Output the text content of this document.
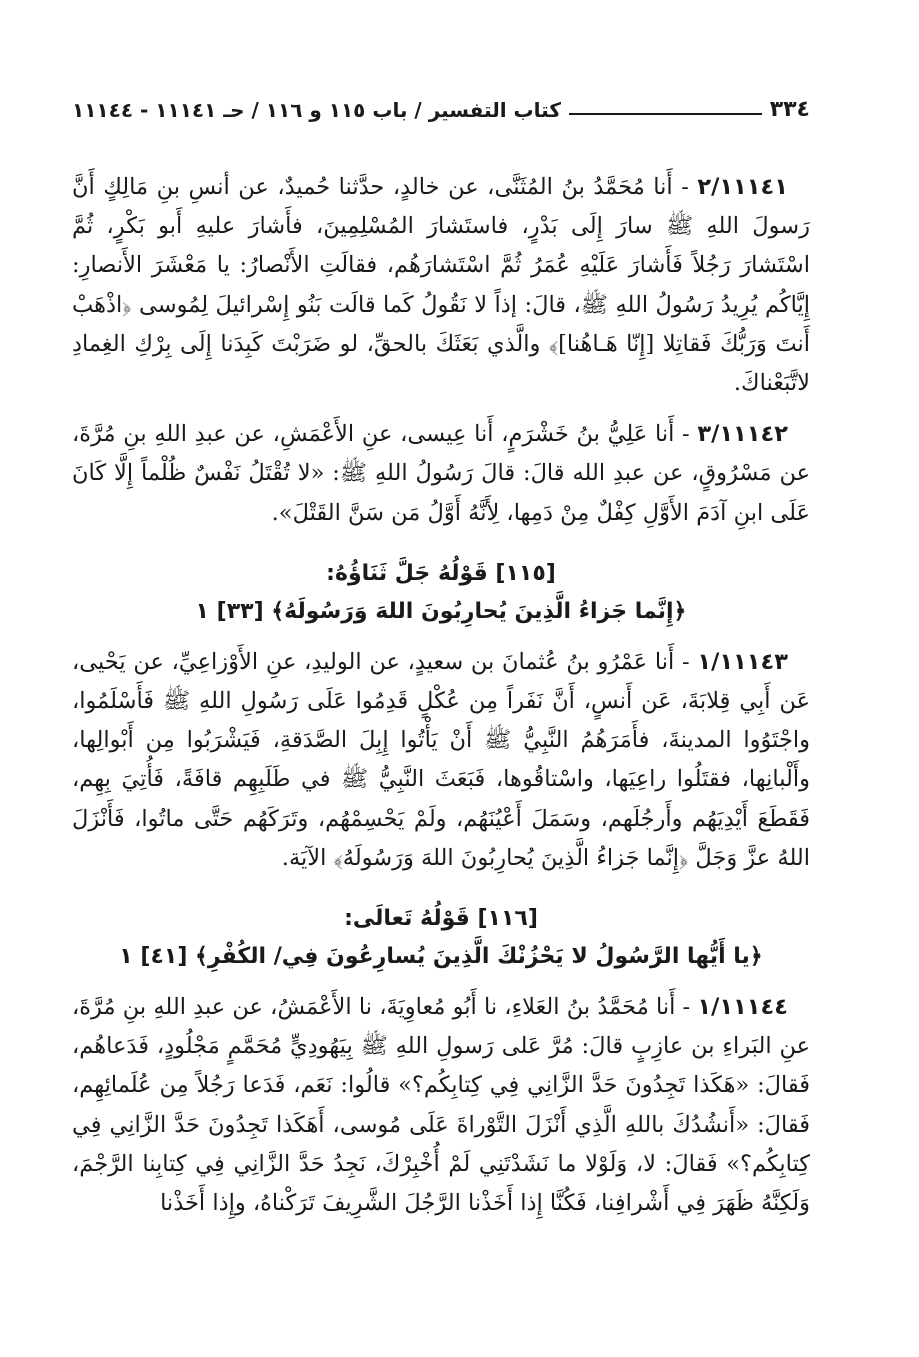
٣٣٤
كتاب التفسير / باب ١١٥ و ١١٦ / حـ ١١١٤١ - ١١١٤٤

٢/١١١٤١ - أَنا مُحَمَّدُ بنُ المُثَنَّى، عن خالدٍ، حدَّثنا حُميدٌ، عن أنسِ بنِ مَالِكٍ أَنَّ رَسولَ اللهِ ﷺ سارَ إِلَى بَدْرٍ، فاستَشارَ المُسْلِمِينَ، فأَشارَ عليهِ أَبو بَكْرٍ، ثُمَّ اسْتَشارَ رَجُلاً فَأَشارَ عَلَيْهِ عُمَرُ ثُمَّ اسْتَشارَهُم، فقالَتِ الأَنْصارُ: يا مَعْشَرَ الأَنصارِ: إِيَّاكُم يُرِيدُ رَسُولُ اللهِ ﷺ، قالَ: إذاً لا نَقُولُ كَما قالَت بَنُو إِسْرائيلَ لِمُوسى ﴿اذْهَبْ أَنتَ وَرَبُّكَ فَقاتِلا [إِنّا هَـاهُنا]﴾ والَّذي بَعَثَكَ بالحقِّ، لو ضَرَبْتَ كَبِدَنا إِلَى بِرْكِ الغِمادِ لاتَّبَعْناكَ.

٣/١١١٤٢ - أَنا عَلِيُّ بنُ خَشْرَمٍ، أَنا عِيسى، عنِ الأَعْمَشِ، عن عبدِ اللهِ بنِ مُرَّةَ، عن مَسْرُوقٍ، عن عبدِ الله قالَ: قالَ رَسُولُ اللهِ ﷺ: «لا تُقْتَلُ نَفْسٌ ظُلْماً إِلَّا كَانَ عَلَى ابنِ آدَمَ الأَوَّلِ كِفْلٌ مِنْ دَمِها، لِأَنَّهُ أَوَّلُ مَن سَنَّ القَتْلَ».

[١١٥] قَوْلُهُ جَلَّ ثَنَاؤُهُ:

﴿إِنَّما جَزاءُ الَّذِينَ يُحارِبُونَ اللهَ وَرَسُولَهُ﴾ [٣٣] ١

١/١١١٤٣ - أَنا عَمْرُو بنُ عُثمانَ بن سعيدٍ، عن الوليدِ، عنِ الأَوْزاعِيِّ، عن يَحْيى، عَن أَبِي قِلابَةَ، عَن أَنسٍ، أَنَّ نَفَراً مِن عُكْلٍ قَدِمُوا عَلَى رَسُولِ اللهِ ﷺ فَأَسْلَمُوا، واجْتَوُوا المدينةَ، فأَمَرَهُمُ النَّبِيُّ ﷺ أَنْ يَأْتُوا إِبِلَ الصَّدَقةِ، فَيَشْرَبُوا مِن أَبْوالِها، وأَلْبانِها، فقتَلُوا راعِيَها، واسْتاقُوها، فَبَعَثَ النَّبِيُّ ﷺ في طَلَبِهِم قافَةً، فَأُتِيَ بِهِم، فَقَطَعَ أَيْدِيَهُم وأَرجُلَهم، وسَمَلَ أَعْيُنَهُم، ولَمْ يَحْسِمْهُم، وتَرَكَهُم حَتَّى ماتُوا، فَأَنْزَلَ اللهُ عزَّ وَجَلَّ ﴿إِنَّما جَزاءُ الَّذِينَ يُحارِبُونَ اللهَ وَرَسُولَهُ﴾ الآيَة.

[١١٦] قَوْلُهُ تَعالَى:

﴿يا أَيُّها الرَّسُولُ لا يَحْزُنْكَ الَّذِينَ يُسارِعُونَ فِي/ الكُفْرِ﴾ [٤١] ١

١/١١١٤٤ - أَنا مُحَمَّدُ بنُ العَلاءِ، نا أَبُو مُعاوِيَةَ، نا الأَعْمَشُ، عن عبدِ اللهِ بنِ مُرَّةَ، عنِ البَراءِ بن عازِبٍ قالَ: مُرَّ عَلى رَسولِ اللهِ ﷺ بِيَهُودِيٍّ مُحَمَّمٍ مَجْلُودٍ، فَدَعاهُم، فَقالَ: «هَكَذا تَجِدُونَ حَدَّ الزَّانِي فِي كِتابِكُم؟» قالُوا: نَعَم، فَدَعا رَجُلاً مِن عُلَمائِهِم، فَقالَ: «أَنشُدُكَ باللهِ الَّذِي أَنْزَلَ التَّوْراةَ عَلَى مُوسى، أَهَكَذا تَجِدُونَ حَدَّ الزَّانِي فِي كِتابِكُم؟» فَقالَ: لا، وَلَوْلا ما نَشَدْتَنِي لَمْ أُخْبِرْكَ، نَجِدُ حَدَّ الزَّانِي فِي كِتابِنا الرَّجْمَ، وَلَكِنَّهُ ظَهَرَ فِي أَشْرافِنا، فَكُنَّا إِذا أَخَذْنا الرَّجُلَ الشَّرِيفَ تَرَكْناهُ، وإِذا أَخَذْنا
